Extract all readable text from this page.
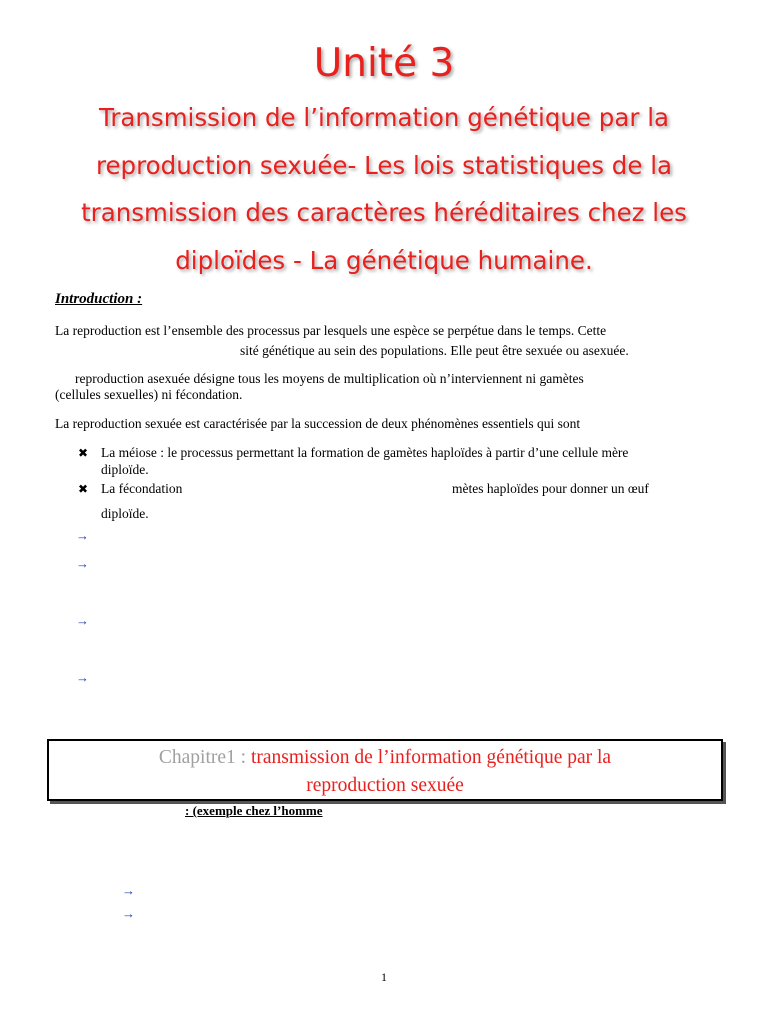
Unité 3
Transmission de l’information génétique par la reproduction sexuée- Les lois statistiques de la transmission des caractères héréditaires chez les diploïdes - La génétique humaine.
Introduction :
La reproduction est l’ensemble des processus par lesquels une espèce se perpétue dans le temps. Cette
sité génétique au sein des populations. Elle peut être sexuée ou asexuée.
reproduction asexuée désigne tous les moyens de multiplication où n’interviennent ni gamètes
(cellules sexuelles) ni fécondation.
La reproduction sexuée est caractérisée par la succession de deux phénomènes essentiels qui sont
✖ La méiose : le processus permettant la formation de gamètes haploïdes à partir d’une cellule mère
diploïde.
✖ La fécondation	mètes haploïdes pour donner un œuf
diploïde.
→
→
→
→
Chapitre1 : transmission de l’information génétique par la
reproduction sexuée
: (exemple chez l’homme
→
→
1
